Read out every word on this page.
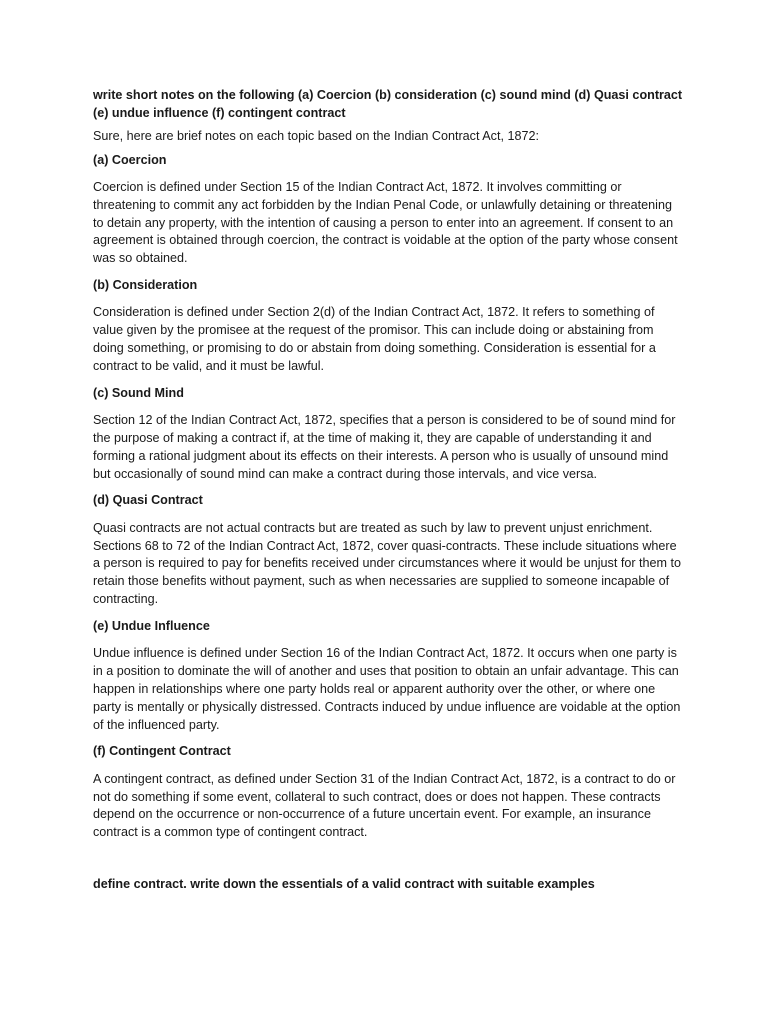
write short notes on the following (a) Coercion (b) consideration (c) sound mind (d) Quasi contract (e) undue influence (f) contingent contract
Sure, here are brief notes on each topic based on the Indian Contract Act, 1872:
(a) Coercion

Coercion is defined under Section 15 of the Indian Contract Act, 1872. It involves committing or threatening to commit any act forbidden by the Indian Penal Code, or unlawfully detaining or threatening to detain any property, with the intention of causing a person to enter into an agreement. If consent to an agreement is obtained through coercion, the contract is voidable at the option of the party whose consent was so obtained.

(b) Consideration

Consideration is defined under Section 2(d) of the Indian Contract Act, 1872. It refers to something of value given by the promisee at the request of the promisor. This can include doing or abstaining from doing something, or promising to do or abstain from doing something. Consideration is essential for a contract to be valid, and it must be lawful.

(c) Sound Mind

Section 12 of the Indian Contract Act, 1872, specifies that a person is considered to be of sound mind for the purpose of making a contract if, at the time of making it, they are capable of understanding it and forming a rational judgment about its effects on their interests. A person who is usually of unsound mind but occasionally of sound mind can make a contract during those intervals, and vice versa.

(d) Quasi Contract

Quasi contracts are not actual contracts but are treated as such by law to prevent unjust enrichment. Sections 68 to 72 of the Indian Contract Act, 1872, cover quasi-contracts. These include situations where a person is required to pay for benefits received under circumstances where it would be unjust for them to retain those benefits without payment, such as when necessaries are supplied to someone incapable of contracting.

(e) Undue Influence

Undue influence is defined under Section 16 of the Indian Contract Act, 1872. It occurs when one party is in a position to dominate the will of another and uses that position to obtain an unfair advantage. This can happen in relationships where one party holds real or apparent authority over the other, or where one party is mentally or physically distressed. Contracts induced by undue influence are voidable at the option of the influenced party.

(f) Contingent Contract

A contingent contract, as defined under Section 31 of the Indian Contract Act, 1872, is a contract to do or not do something if some event, collateral to such contract, does or does not happen. These contracts depend on the occurrence or non-occurrence of a future uncertain event. For example, an insurance contract is a common type of contingent contract.

define contract. write down the essentials of a valid contract with suitable examples
